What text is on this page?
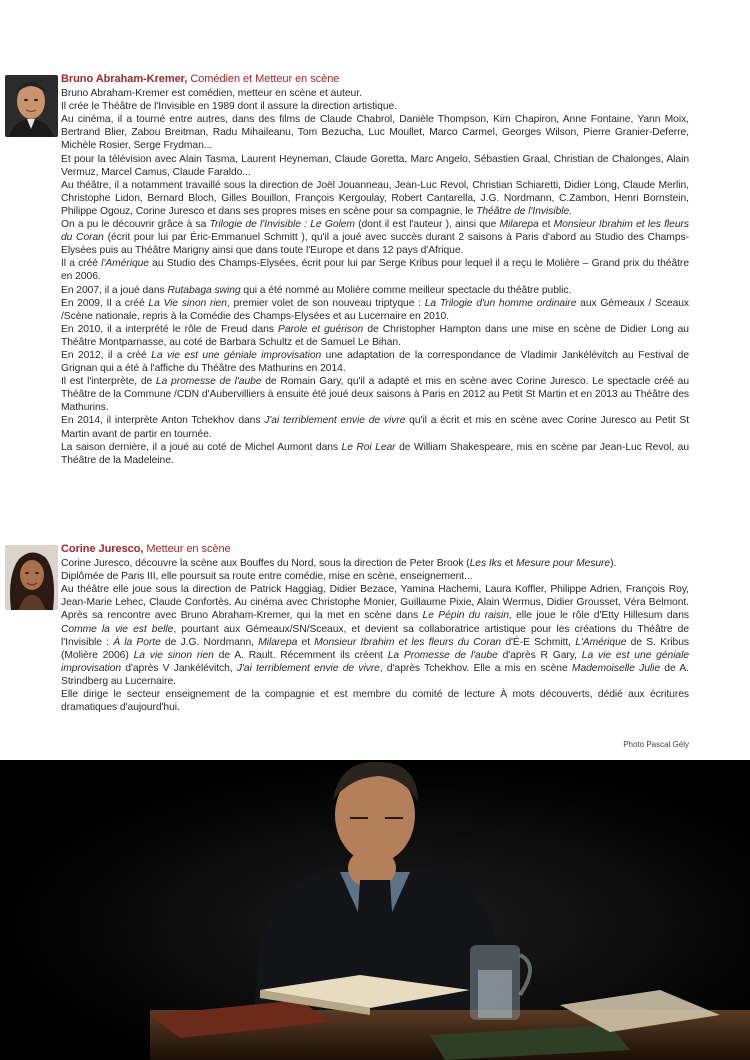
Bruno Abraham-Kremer, Comédien et Metteur en scène

Bruno Abraham-Kremer est comédien, metteur en scène et auteur.

Il crée le Théâtre de l'Invisible en 1989 dont il assure la direction artistique.

Au cinéma, il a tourné entre autres, dans des films de Claude Chabrol, Danièle Thompson, Kim Chapiron, Anne Fontaine, Yann Moix, Bertrand Blier, Zabou Breitman, Radu Mihaileanu, Tom Bezucha, Luc Moullet, Marco Carmel, Georges Wilson, Pierre Granier-Deferre, Michèle Rosier, Serge Frydman...

Et pour la télévision avec Alain Tasma, Laurent Heyneman, Claude Goretta, Marc Angelo, Sébastien Graal, Christian de Chalonges, Alain Vermuz, Marcel Camus, Claude Faraldo...

Au théâtre, il a notamment travaillé sous la direction de Joël Jouanneau, Jean-Luc Revol, Christian Schiaretti, Didier Long, Claude Merlin, Christophe Lidon, Bernard Bloch, Gilles Bouillon, François Kergoulay, Robert Cantarella, J.G. Nordmann, C.Zambon, Henri Bornstein, Philippe Ogouz, Corine Juresco et dans ses propres mises en scène pour sa compagnie, le Théâtre de l'Invisible.

On a pu le découvrir grâce à sa Trilogie de l'Invisible : Le Golem (dont il est l'auteur ), ainsi que Milarepa et Monsieur Ibrahim et les fleurs du Coran (écrit pour lui par Éric-Emmanuel Schmitt ), qu'il a joué avec succès durant 2 saisons à Paris d'abord au Studio des Champs-Elysées puis au Théâtre Marigny ainsi que dans toute l'Europe et dans 12 pays d'Afrique.

Il a créé l'Amérique au Studio des Champs-Elysées, écrit pour lui par Serge Kribus pour lequel il a reçu le Molière – Grand prix du théâtre en 2006.

En 2007, il a joué dans Rutabaga swing qui a été nommé au Molière comme meilleur spectacle du théâtre public.

En 2009, Il a créé La Vie sinon rien, premier volet de son nouveau triptyque : La Trilogie d'un homme ordinaire aux Gémeaux / Sceaux /Scène nationale, repris à la Comédie des Champs-Elysées et au Lucernaire en 2010.

En 2010, il a interprété le rôle de Freud dans Parole et guérison de Christopher Hampton dans une mise en scène de Didier Long au Théâtre Montparnasse, au coté de Barbara Schultz et de Samuel Le Bihan.

En 2012, il a créé La vie est une géniale improvisation une adaptation de la correspondance de Vladimir Jankélévitch au Festival de Grignan qui a été à l'affiche du Théâtre des Mathurins en 2014.

Il est l'interprète, de La promesse de l'aube de Romain Gary, qu'il a adapté et mis en scène avec Corine Juresco. Le spectacle créé au Théâtre de la Commune /CDN d'Aubervilliers à ensuite été joué deux saisons à Paris en 2012 au Petit St Martin et en 2013 au Théâtre des Mathurins.

En 2014, il interprète Anton Tchekhov dans J'ai terriblement envie de vivre qu'il a écrit et mis en scène avec Corine Juresco au Petit St Martin avant de partir en tournée.

La saison dernière, il a joué au coté de Michel Aumont dans Le Roi Lear de William Shakespeare, mis en scène par Jean-Luc Revol, au Théâtre de la Madeleine.

Corine Juresco, Metteur en scène

Corine Juresco, découvre la scène aux Bouffes du Nord, sous la direction de Peter Brook (Les Iks et Mesure pour Mesure).

Diplômée de Paris III, elle poursuit sa route entre comédie, mise en scène, enseignement...

Au théâtre elle joue sous la direction de Patrick Haggiag, Didier Bezace, Yamina Hachemi, Laura Koffler, Philippe Adrien, François Roy, Jean-Marie Lehec, Claude Confortès. Au cinéma avec Christophe Monier, Guillaume Pixie, Alain Wermus, Didier Grousset, Véra Belmont. Après sa rencontre avec Bruno Abraham-Kremer, qui la met en scène dans Le Pépin du raisin, elle joue le rôle d'Etty Hillesum dans Comme la vie est belle, pourtant aux Gémeaux/SN/Sceaux, et devient sa collaboratrice artistique pour les créations du Théâtre de l'Invisible : À la Porte de J.G. Nordmann, Milarepa et Monsieur Ibrahim et les fleurs du Coran d'É-E Schmitt, L'Amérique de S. Kribus (Molière 2006) La vie sinon rien de A. Rault. Récemment ils créent La Promesse de l'aube d'après R Gary, La vie est une géniale improvisation d'après V Jankélévitch, J'ai terriblement envie de vivre, d'après Tchekhov. Elle a mis en scène Mademoiselle Julie de A. Strindberg au Lucernaire.

Elle dirige le secteur enseignement de la compagnie et est membre du comité de lecture À mots découverts, dédié aux écritures dramatiques d'aujourd'hui.

Photo Pascal Gély
